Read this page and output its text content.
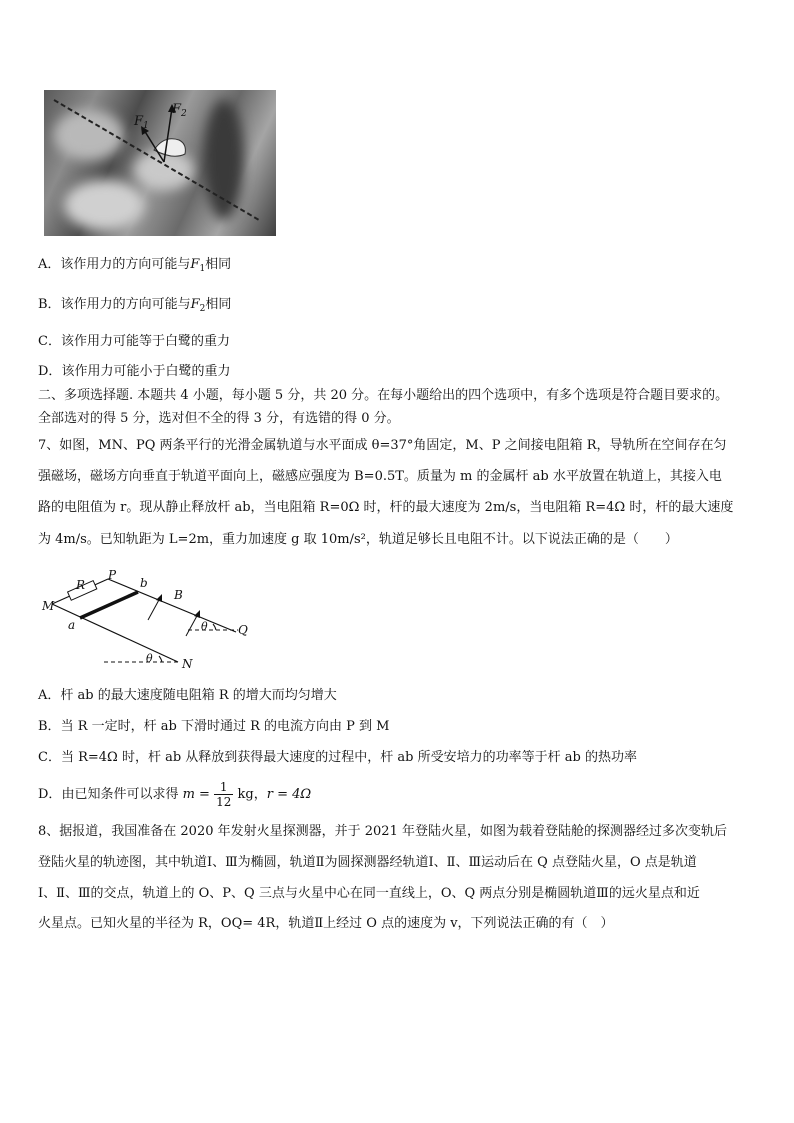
$F_2$
$F_1$
A．该作用力的方向可能与$F_1$相同
B．该作用力的方向可能与$F_2$相同
C．该作用力可能等于白鹭的重力
D．该作用力可能小于白鹭的重力
二、多项选择题. 本题共 4 小题，每小题 5 分，共 20 分。在每小题给出的四个选项中，有多个选项是符合题目要求的。
全部选对的得 5 分，选对但不全的得 3 分，有选错的得 0 分。
7、如图，MN、PQ 两条平行的光滑金属轨道与水平面成 θ=37°角固定，M、P 之间接电阻箱 R，导轨所在空间存在匀
强磁场，磁场方向垂直于轨道平面向上，磁感应强度为 B=0.5T。质量为 m 的金属杆 ab 水平放置在轨道上，其接入电
路的电阻值为 r。现从静止释放杆 ab，当电阻箱 R=0Ω 时，杆的最大速度为 2m/s，当电阻箱 R=4Ω 时，杆的最大速度
为 4m/s。已知轨距为 L=2m，重力加速度 g 取 10m/s²，轨道足够长且电阻不计。以下说法正确的是（　　）
M
P
R
a
b
B
Q
N
θ
θ
A．杆 ab 的最大速度随电阻箱 R 的增大而均匀增大
B．当 R 一定时，杆 ab 下滑时通过 R 的电流方向由 P 到 M
C．当 R=4Ω 时，杆 ab 从释放到获得最大速度的过程中，杆 ab 所受安培力的功率等于杆 ab 的热功率
D．由已知条件可以求得 $m = \frac{1}{12}$ kg，r = 4Ω
8、据报道，我国准备在 2020 年发射火星探测器，并于 2021 年登陆火星，如图为载着登陆舱的探测器经过多次变轨后
登陆火星的轨迹图，其中轨道Ⅰ、Ⅲ为椭圆，轨道Ⅱ为圆探测器经轨道Ⅰ、Ⅱ、Ⅲ运动后在 Q 点登陆火星，O 点是轨道
Ⅰ、Ⅱ、Ⅲ的交点，轨道上的 O、P、Q 三点与火星中心在同一直线上，O、Q 两点分别是椭圆轨道Ⅲ的远火星点和近
火星点。已知火星的半径为 R，OQ= 4R，轨道Ⅱ上经过 O 点的速度为 v，下列说法正确的有（　）
